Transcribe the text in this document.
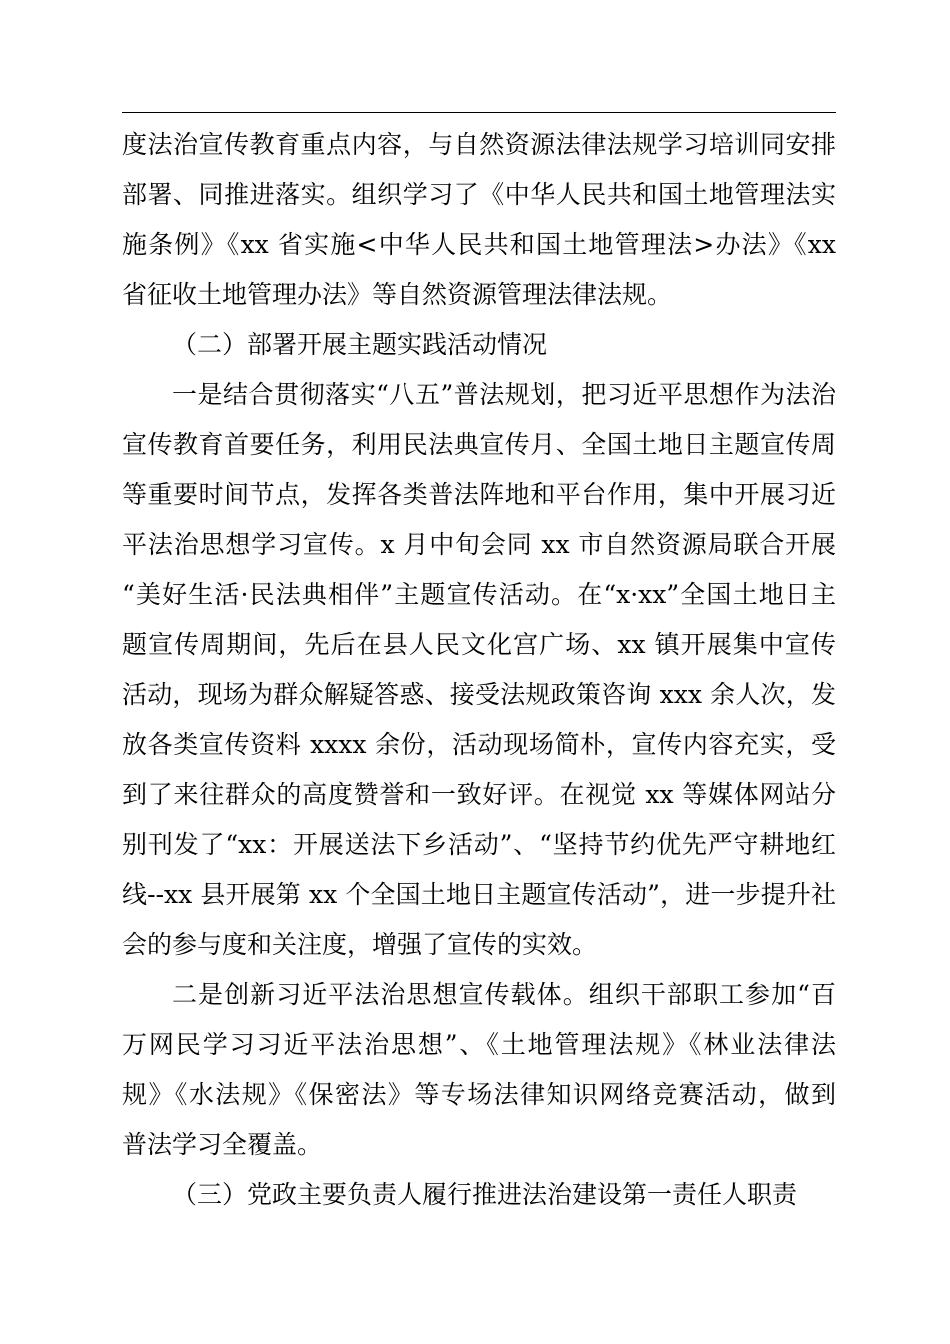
度法治宣传教育重点内容，与自然资源法律法规学习培训同安排
部署、同推进落实。组织学习了《中华人民共和国土地管理法实
施条例》《xx 省实施<中华人民共和国土地管理法>办法》《xx
省征收土地管理办法》等自然资源管理法律法规。
（二）部署开展主题实践活动情况
一是结合贯彻落实“八五”普法规划，把习近平思想作为法治
宣传教育首要任务，利用民法典宣传月、全国土地日主题宣传周
等重要时间节点，发挥各类普法阵地和平台作用，集中开展习近
平法治思想学习宣传。x 月中旬会同 xx 市自然资源局联合开展
“美好生活·民法典相伴”主题宣传活动。在“x·xx”全国土地日主
题宣传周期间，先后在县人民文化宫广场、xx 镇开展集中宣传
活动，现场为群众解疑答惑、接受法规政策咨询 xxx 余人次，发
放各类宣传资料 xxxx 余份，活动现场简朴，宣传内容充实，受
到了来往群众的高度赞誉和一致好评。在视觉 xx 等媒体网站分
别刊发了“xx：开展送法下乡活动”、“坚持节约优先严守耕地红
线--xx 县开展第 xx 个全国土地日主题宣传活动”，进一步提升社
会的参与度和关注度，增强了宣传的实效。
二是创新习近平法治思想宣传载体。组织干部职工参加“百
万网民学习习近平法治思想”、《土地管理法规》《林业法律法
规》《水法规》《保密法》等专场法律知识网络竞赛活动，做到
普法学习全覆盖。
（三）党政主要负责人履行推进法治建设第一责任人职责
